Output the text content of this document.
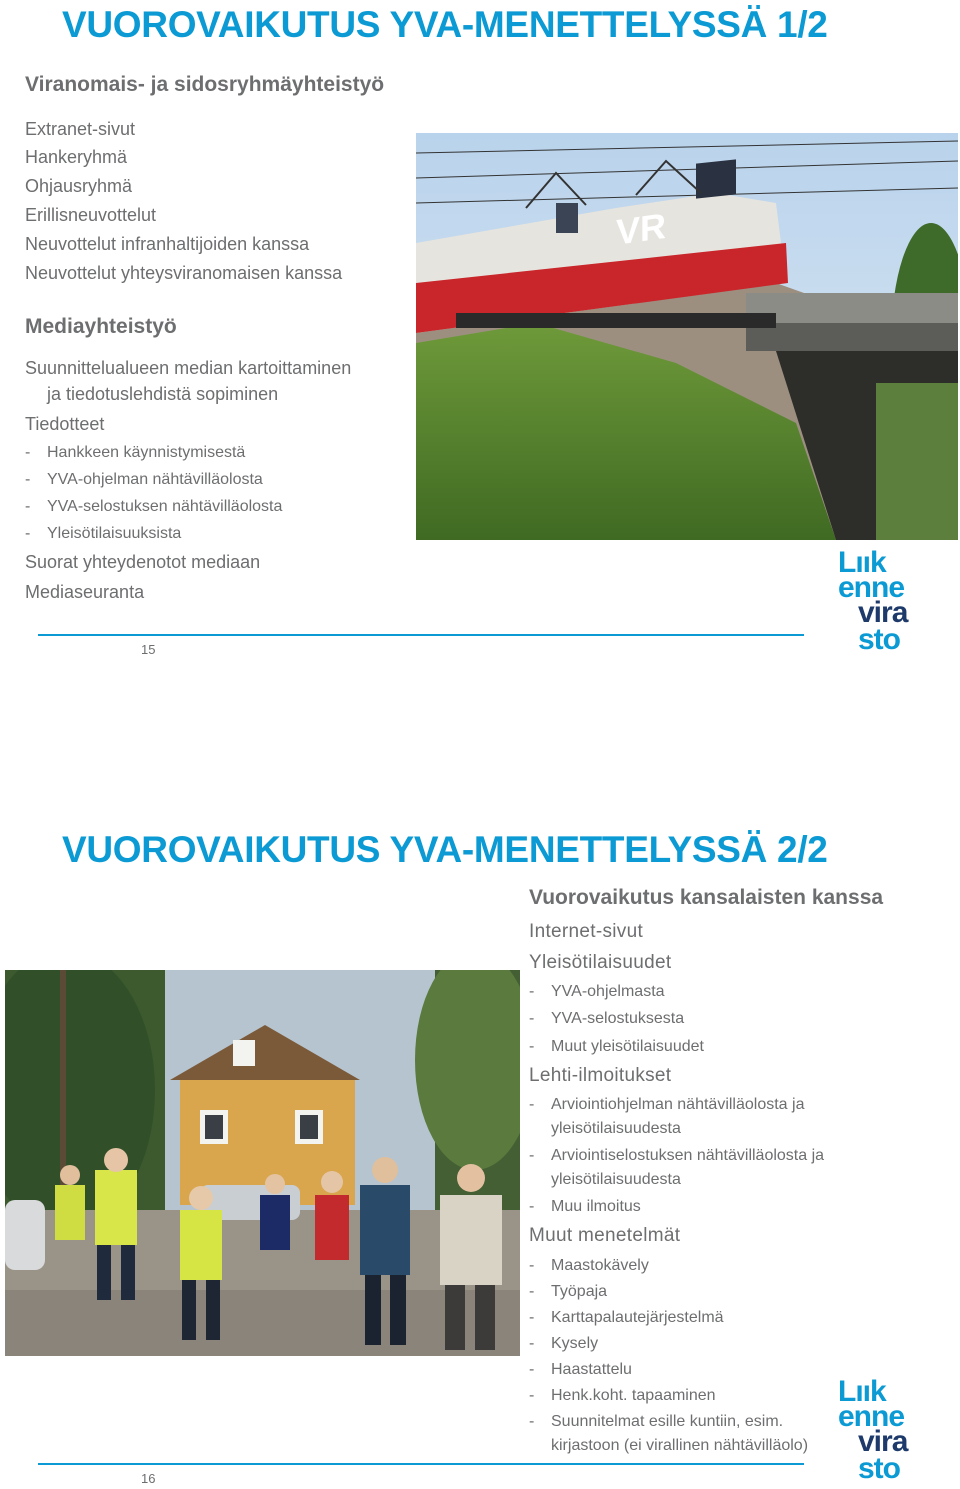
VUOROVAIKUTUS YVA-MENETTELYSSÄ 1/2
Viranomais- ja sidosryhmäyhteistyö
Extranet-sivut
Hankeryhmä
Ohjausryhmä
Erillisneuvottelut
Neuvottelut infranhaltijoiden kanssa
Neuvottelut yhteysviranomaisen kanssa
Mediayhteistyö
Suunnittelualueen median kartoittaminen
ja tiedotuslehdistä sopiminen
Tiedotteet
- Hankkeen käynnistymisestä
- YVA-ohjelman nähtävilläolosta
- YVA-selostuksen nähtävilläolosta
- Yleisötilaisuuksista
Suorat yhteydenotot mediaan
Mediaseuranta
VR
Lıık
enne
vira
sto
15
VUOROVAIKUTUS YVA-MENETTELYSSÄ 2/2
Vuorovaikutus kansalaisten kanssa
Internet-sivut
Yleisötilaisuudet
- YVA-ohjelmasta
- YVA-selostuksesta
- Muut yleisötilaisuudet
Lehti-ilmoitukset
- Arviointiohjelman nähtävilläolosta ja
yleisötilaisuudesta
- Arviointiselostuksen nähtävilläolosta ja
yleisötilaisuudesta
- Muu ilmoitus
Muut menetelmät
- Maastokävely
- Työpaja
- Karttapalautejärjestelmä
- Kysely
- Haastattelu
- Henk.koht. tapaaminen
- Suunnitelmat esille kuntiin, esim.
kirjastoon (ei virallinen nähtävilläolo)
Lıık
enne
vira
sto
16
